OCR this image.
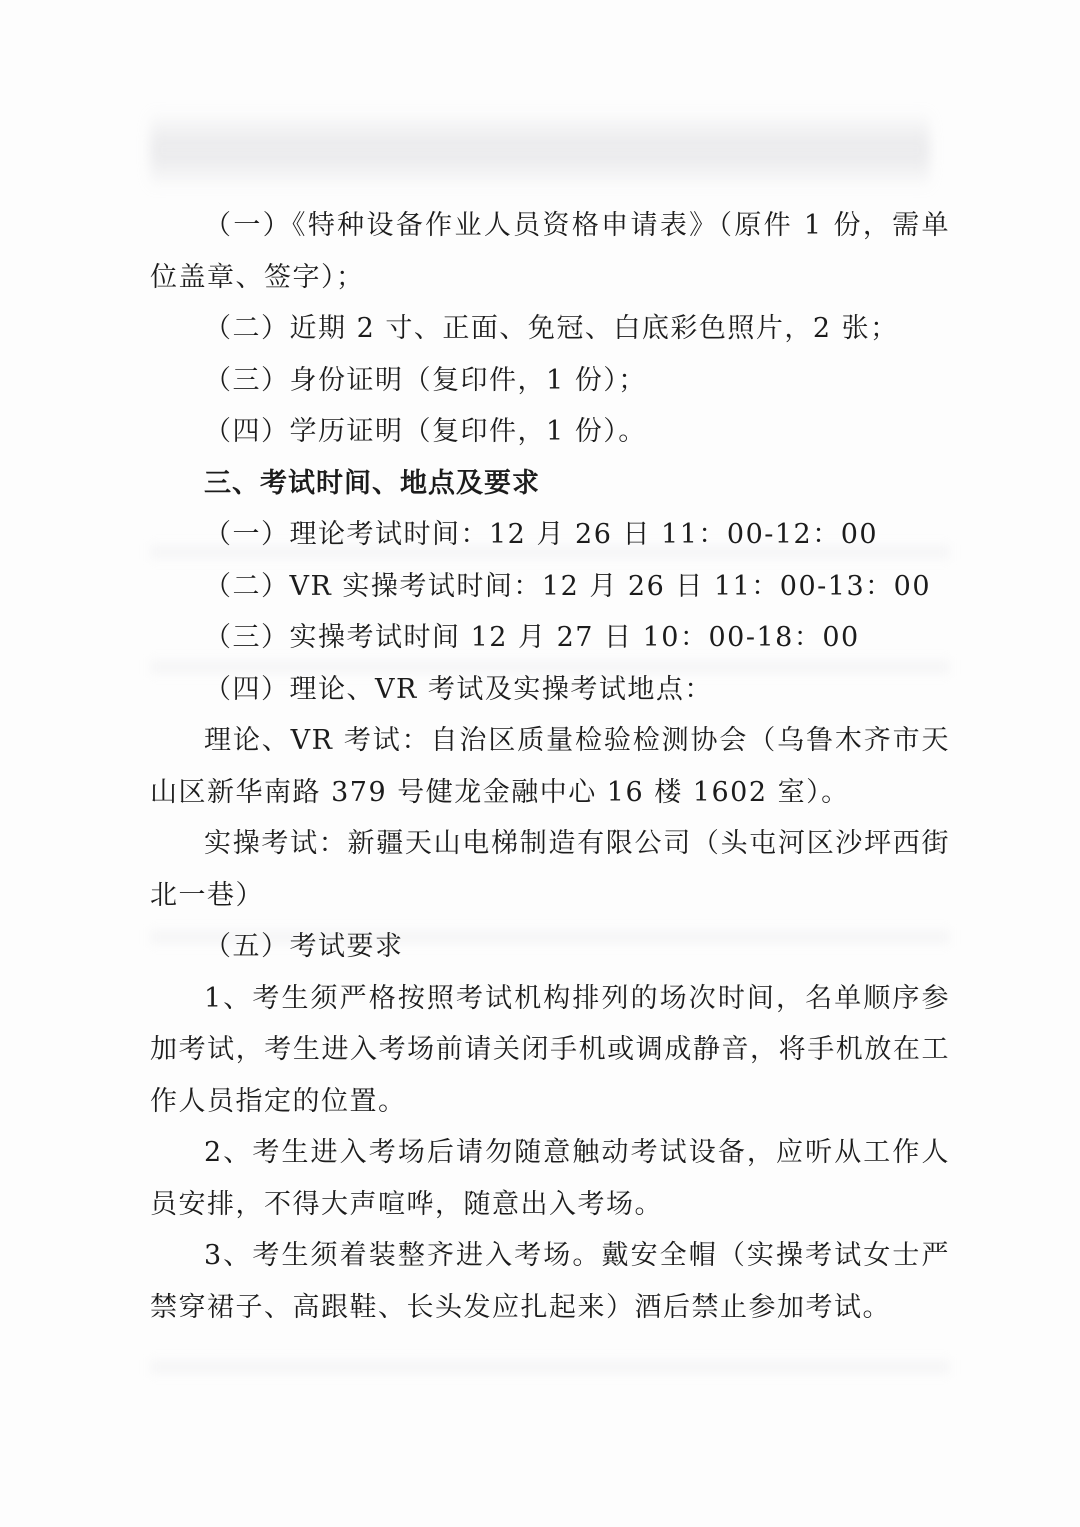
（一）《特种设备作业人员资格申请表》（原件 1 份，需单位盖章、签字）；

（二）近期 2 寸、正面、免冠、白底彩色照片，2 张；

（三）身份证明（复印件，1 份）；

（四）学历证明（复印件，1 份）。

三、考试时间、地点及要求

（一）理论考试时间：12 月 26 日 11：00-12：00

（二）VR 实操考试时间：12 月 26 日 11：00-13：00

（三）实操考试时间 12 月 27 日 10：00-18：00

（四）理论、VR 考试及实操考试地点：

理论、VR 考试：自治区质量检验检测协会（乌鲁木齐市天山区新华南路 379 号健龙金融中心 16 楼 1602 室）。

实操考试：新疆天山电梯制造有限公司（头屯河区沙坪西街北一巷）

（五）考试要求

1、考生须严格按照考试机构排列的场次时间，名单顺序参加考试，考生进入考场前请关闭手机或调成静音，将手机放在工作人员指定的位置。

2、考生进入考场后请勿随意触动考试设备，应听从工作人员安排，不得大声喧哗，随意出入考场。

3、考生须着装整齐进入考场。戴安全帽（实操考试女士严禁穿裙子、高跟鞋、长头发应扎起来）酒后禁止参加考试。
